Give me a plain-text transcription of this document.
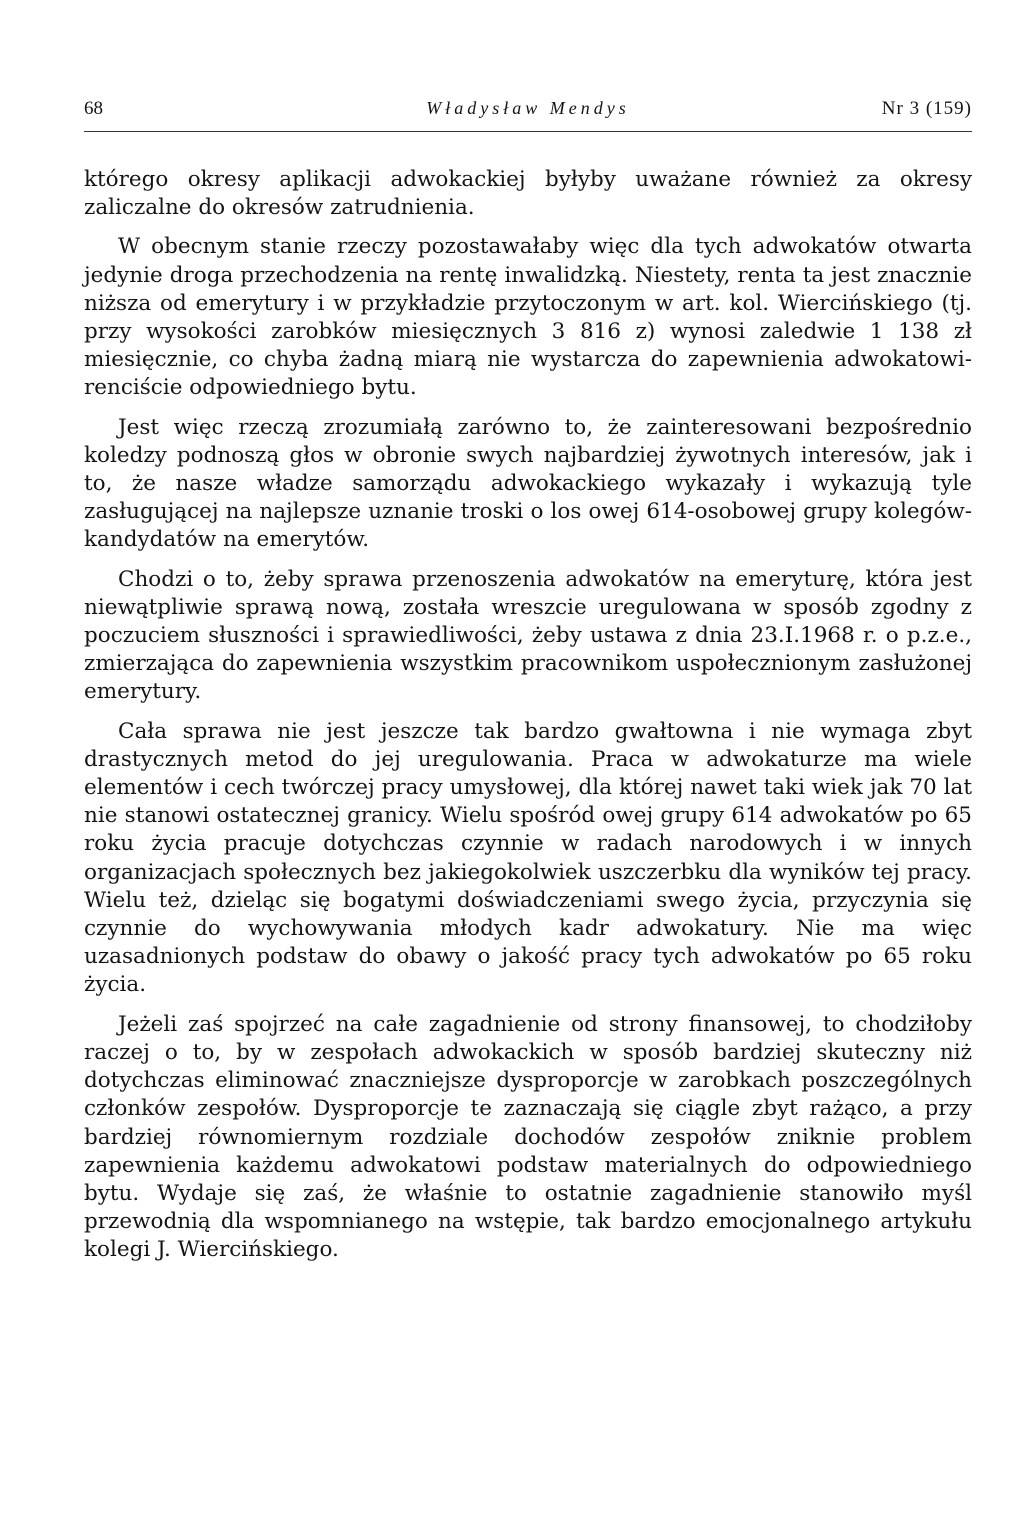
68	Władysław Mendys	Nr 3 (159)

którego okresy aplikacji adwokackiej byłyby uważane również za okresy zaliczalne do okresów zatrudnienia.

W obecnym stanie rzeczy pozostawałaby więc dla tych adwokatów otwarta jedynie droga przechodzenia na rentę inwalidzką. Niestety, renta ta jest znacznie niższa od emerytury i w przykładzie przytoczonym w art. kol. Wiercińskiego (tj. przy wysokości zarobków miesięcznych 3 816 z) wynosi zaledwie 1 138 zł miesięcznie, co chyba żadną miarą nie wystarcza do zapewnienia adwokatowi-renciście odpowiedniego bytu.

Jest więc rzeczą zrozumiałą zarówno to, że zainteresowani bezpośrednio koledzy podnoszą głos w obronie swych najbardziej żywotnych interesów, jak i to, że nasze władze samorządu adwokackiego wykazały i wykazują tyle zasługującej na najlepsze uznanie troski o los owej 614-osobowej grupy kolegów-kandydatów na emerytów.

Chodzi o to, żeby sprawa przenoszenia adwokatów na emeryturę, która jest niewątpliwie sprawą nową, została wreszcie uregulowana w sposób zgodny z poczuciem słuszności i sprawiedliwości, żeby ustawa z dnia 23.I.1968 r. o p.z.e., zmierzająca do zapewnienia wszystkim pracownikom uspołecznionym zasłużonej emerytury.

Cała sprawa nie jest jeszcze tak bardzo gwałtowna i nie wymaga zbyt drastycznych metod do jej uregulowania. Praca w adwokaturze ma wiele elementów i cech twórczej pracy umysłowej, dla której nawet taki wiek jak 70 lat nie stanowi ostatecznej granicy. Wielu spośród owej grupy 614 adwokatów po 65 roku życia pracuje dotychczas czynnie w radach narodowych i w innych organizacjach społecznych bez jakiegokolwiek uszczerbku dla wyników tej pracy. Wielu też, dzieląc się bogatymi doświadczeniami swego życia, przyczynia się czynnie do wychowywania młodych kadr adwokatury. Nie ma więc uzasadnionych podstaw do obawy o jakość pracy tych adwokatów po 65 roku życia.

Jeżeli zaś spojrzeć na całe zagadnienie od strony finansowej, to chodziłoby raczej o to, by w zespołach adwokackich w sposób bardziej skuteczny niż dotychczas eliminować znaczniejsze dysproporcje w zarobkach poszczególnych członków zespołów. Dysproporcje te zaznaczają się ciągle zbyt rażąco, a przy bardziej równomiernym rozdziale dochodów zespołów zniknie problem zapewnienia każdemu adwokatowi podstaw materialnych do odpowiedniego bytu. Wydaje się zaś, że właśnie to ostatnie zagadnienie stanowiło myśl przewodnią dla wspomnianego na wstępie, tak bardzo emocjonalnego artykułu kolegi J. Wiercińskiego.
